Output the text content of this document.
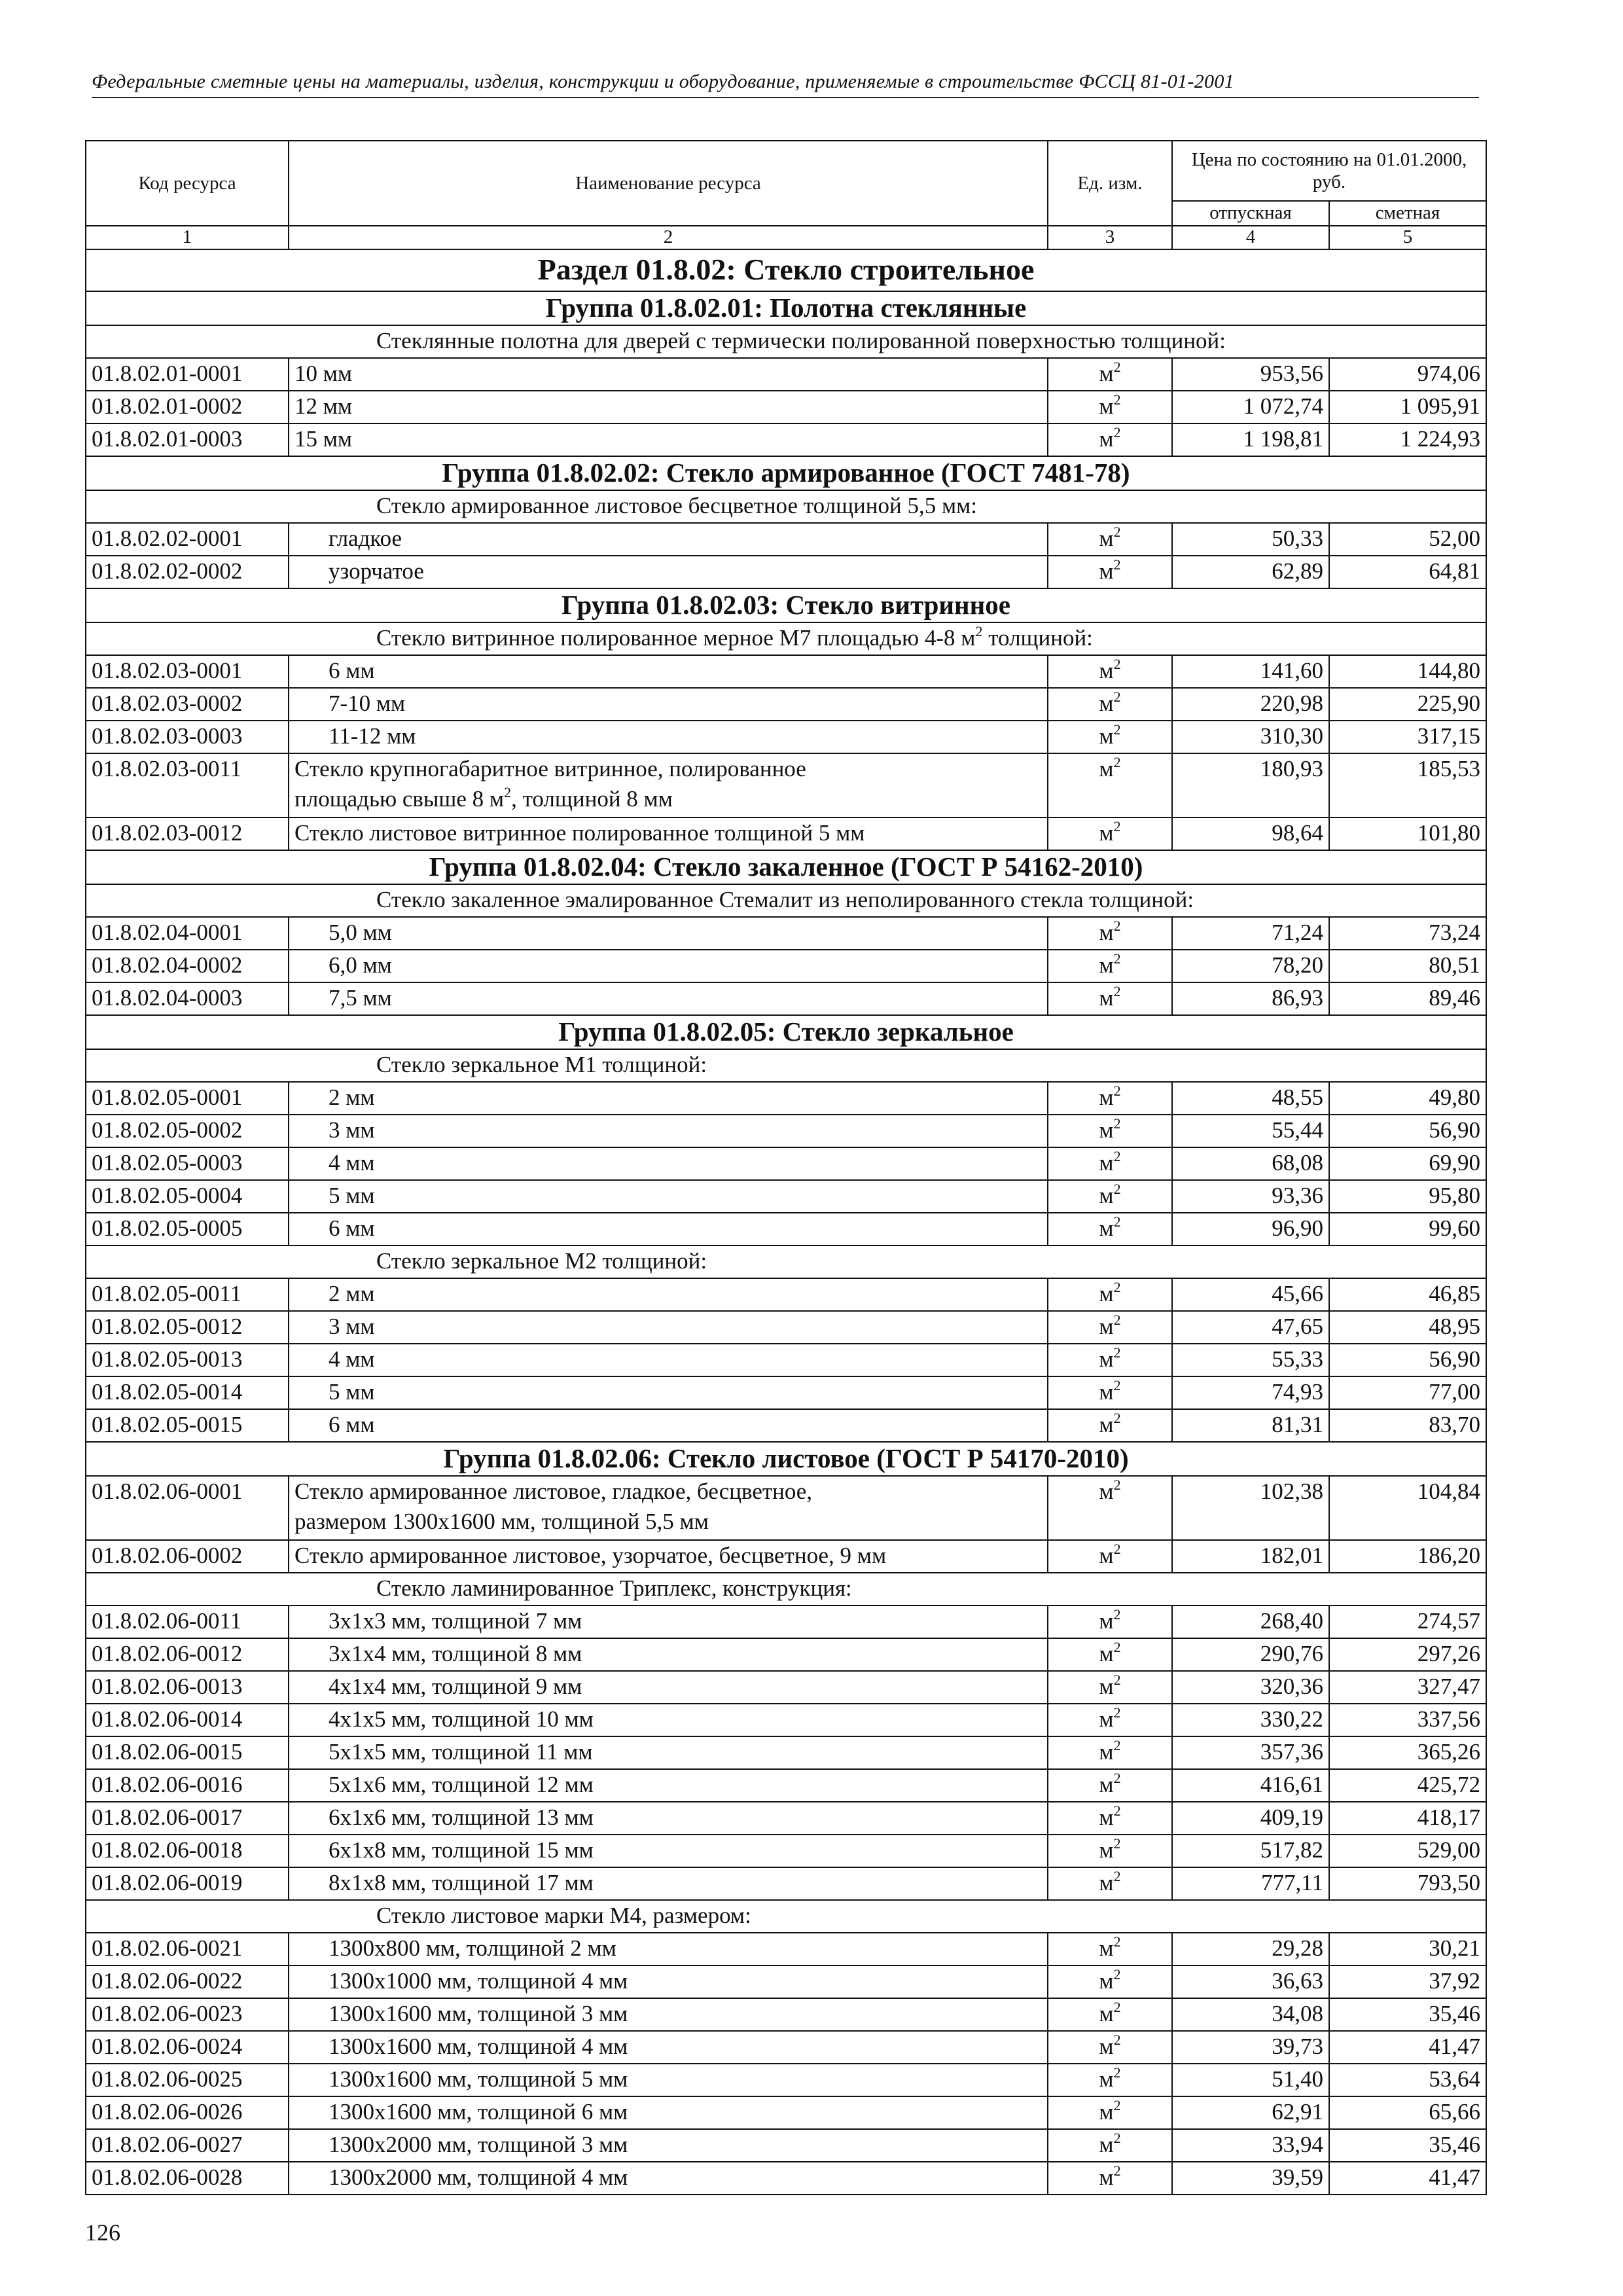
Федеральные сметные цены на материалы, изделия, конструкции и оборудование, применяемые в строительстве ФССЦ 81-01-2001
Код ресурса	Наименование ресурса	Ед. изм.	Цена по состоянию на 01.01.2000, руб.	
			отпускная	сметная
1	2	3	4	5
Раздел 01.8.02: Стекло строительное				
Группа 01.8.02.01: Полотна стеклянные				
Стеклянные полотна для дверей с термически полированной поверхностью толщиной:				
01.8.02.01-0001	10 мм	$м^2$	953,56	974,06
01.8.02.01-0002	12 мм	$м^2$	1 072,74	1 095,91
01.8.02.01-0003	15 мм	$м^2$	1 198,81	1 224,93
Группа 01.8.02.02: Стекло армированное (ГОСТ 7481-78)				
Стекло армированное листовое бесцветное толщиной 5,5 мм:				
01.8.02.02-0001	гладкое	$м^2$	50,33	52,00
01.8.02.02-0002	узорчатое	$м^2$	62,89	64,81
Группа 01.8.02.03: Стекло витринное				
Стекло витринное полированное мерное М7 площадью 4-8 $м^2$ толщиной:				
01.8.02.03-0001	6 мм	$м^2$	141,60	144,80
01.8.02.03-0002	7-10 мм	$м^2$	220,98	225,90
01.8.02.03-0003	11-12 мм	$м^2$	310,30	317,15
01.8.02.03-0011	Стекло крупногабаритное витринное, полированное
площадью свыше 8 $м^2$, толщиной 8 мм	$м^2$	180,93	185,53
01.8.02.03-0012	Стекло листовое витринное полированное толщиной 5 мм	$м^2$	98,64	101,80
Группа 01.8.02.04: Стекло закаленное (ГОСТ Р 54162-2010)				
Стекло закаленное эмалированное Стемалит из неполированного стекла толщиной:				
01.8.02.04-0001	5,0 мм	$м^2$	71,24	73,24
01.8.02.04-0002	6,0 мм	$м^2$	78,20	80,51
01.8.02.04-0003	7,5 мм	$м^2$	86,93	89,46
Группа 01.8.02.05: Стекло зеркальное				
Стекло зеркальное М1 толщиной:				
01.8.02.05-0001	2 мм	$м^2$	48,55	49,80
01.8.02.05-0002	3 мм	$м^2$	55,44	56,90
01.8.02.05-0003	4 мм	$м^2$	68,08	69,90
01.8.02.05-0004	5 мм	$м^2$	93,36	95,80
01.8.02.05-0005	6 мм	$м^2$	96,90	99,60
Стекло зеркальное М2 толщиной:				
01.8.02.05-0011	2 мм	$м^2$	45,66	46,85
01.8.02.05-0012	3 мм	$м^2$	47,65	48,95
01.8.02.05-0013	4 мм	$м^2$	55,33	56,90
01.8.02.05-0014	5 мм	$м^2$	74,93	77,00
01.8.02.05-0015	6 мм	$м^2$	81,31	83,70
Группа 01.8.02.06: Стекло листовое (ГОСТ Р 54170-2010)				
01.8.02.06-0001	Стекло армированное листовое, гладкое, бесцветное,
размером 1300х1600 мм, толщиной 5,5 мм	$м^2$	102,38	104,84
01.8.02.06-0002	Стекло армированное листовое, узорчатое, бесцветное, 9 мм	$м^2$	182,01	186,20
Стекло ламинированное Триплекс, конструкция:				
01.8.02.06-0011	3х1х3 мм, толщиной 7 мм	$м^2$	268,40	274,57
01.8.02.06-0012	3х1х4 мм, толщиной 8 мм	$м^2$	290,76	297,26
01.8.02.06-0013	4х1х4 мм, толщиной 9 мм	$м^2$	320,36	327,47
01.8.02.06-0014	4х1х5 мм, толщиной 10 мм	$м^2$	330,22	337,56
01.8.02.06-0015	5х1х5 мм, толщиной 11 мм	$м^2$	357,36	365,26
01.8.02.06-0016	5х1х6 мм, толщиной 12 мм	$м^2$	416,61	425,72
01.8.02.06-0017	6х1х6 мм, толщиной 13 мм	$м^2$	409,19	418,17
01.8.02.06-0018	6х1х8 мм, толщиной 15 мм	$м^2$	517,82	529,00
01.8.02.06-0019	8х1х8 мм, толщиной 17 мм	$м^2$	777,11	793,50
Стекло листовое марки М4, размером:				
01.8.02.06-0021	1300х800 мм, толщиной 2 мм	$м^2$	29,28	30,21
01.8.02.06-0022	1300х1000 мм, толщиной 4 мм	$м^2$	36,63	37,92
01.8.02.06-0023	1300х1600 мм, толщиной 3 мм	$м^2$	34,08	35,46
01.8.02.06-0024	1300х1600 мм, толщиной 4 мм	$м^2$	39,73	41,47
01.8.02.06-0025	1300х1600 мм, толщиной 5 мм	$м^2$	51,40	53,64
01.8.02.06-0026	1300х1600 мм, толщиной 6 мм	$м^2$	62,91	65,66
01.8.02.06-0027	1300х2000 мм, толщиной 3 мм	$м^2$	33,94	35,46
01.8.02.06-0028	1300х2000 мм, толщиной 4 мм	$м^2$	39,59	41,47
126
